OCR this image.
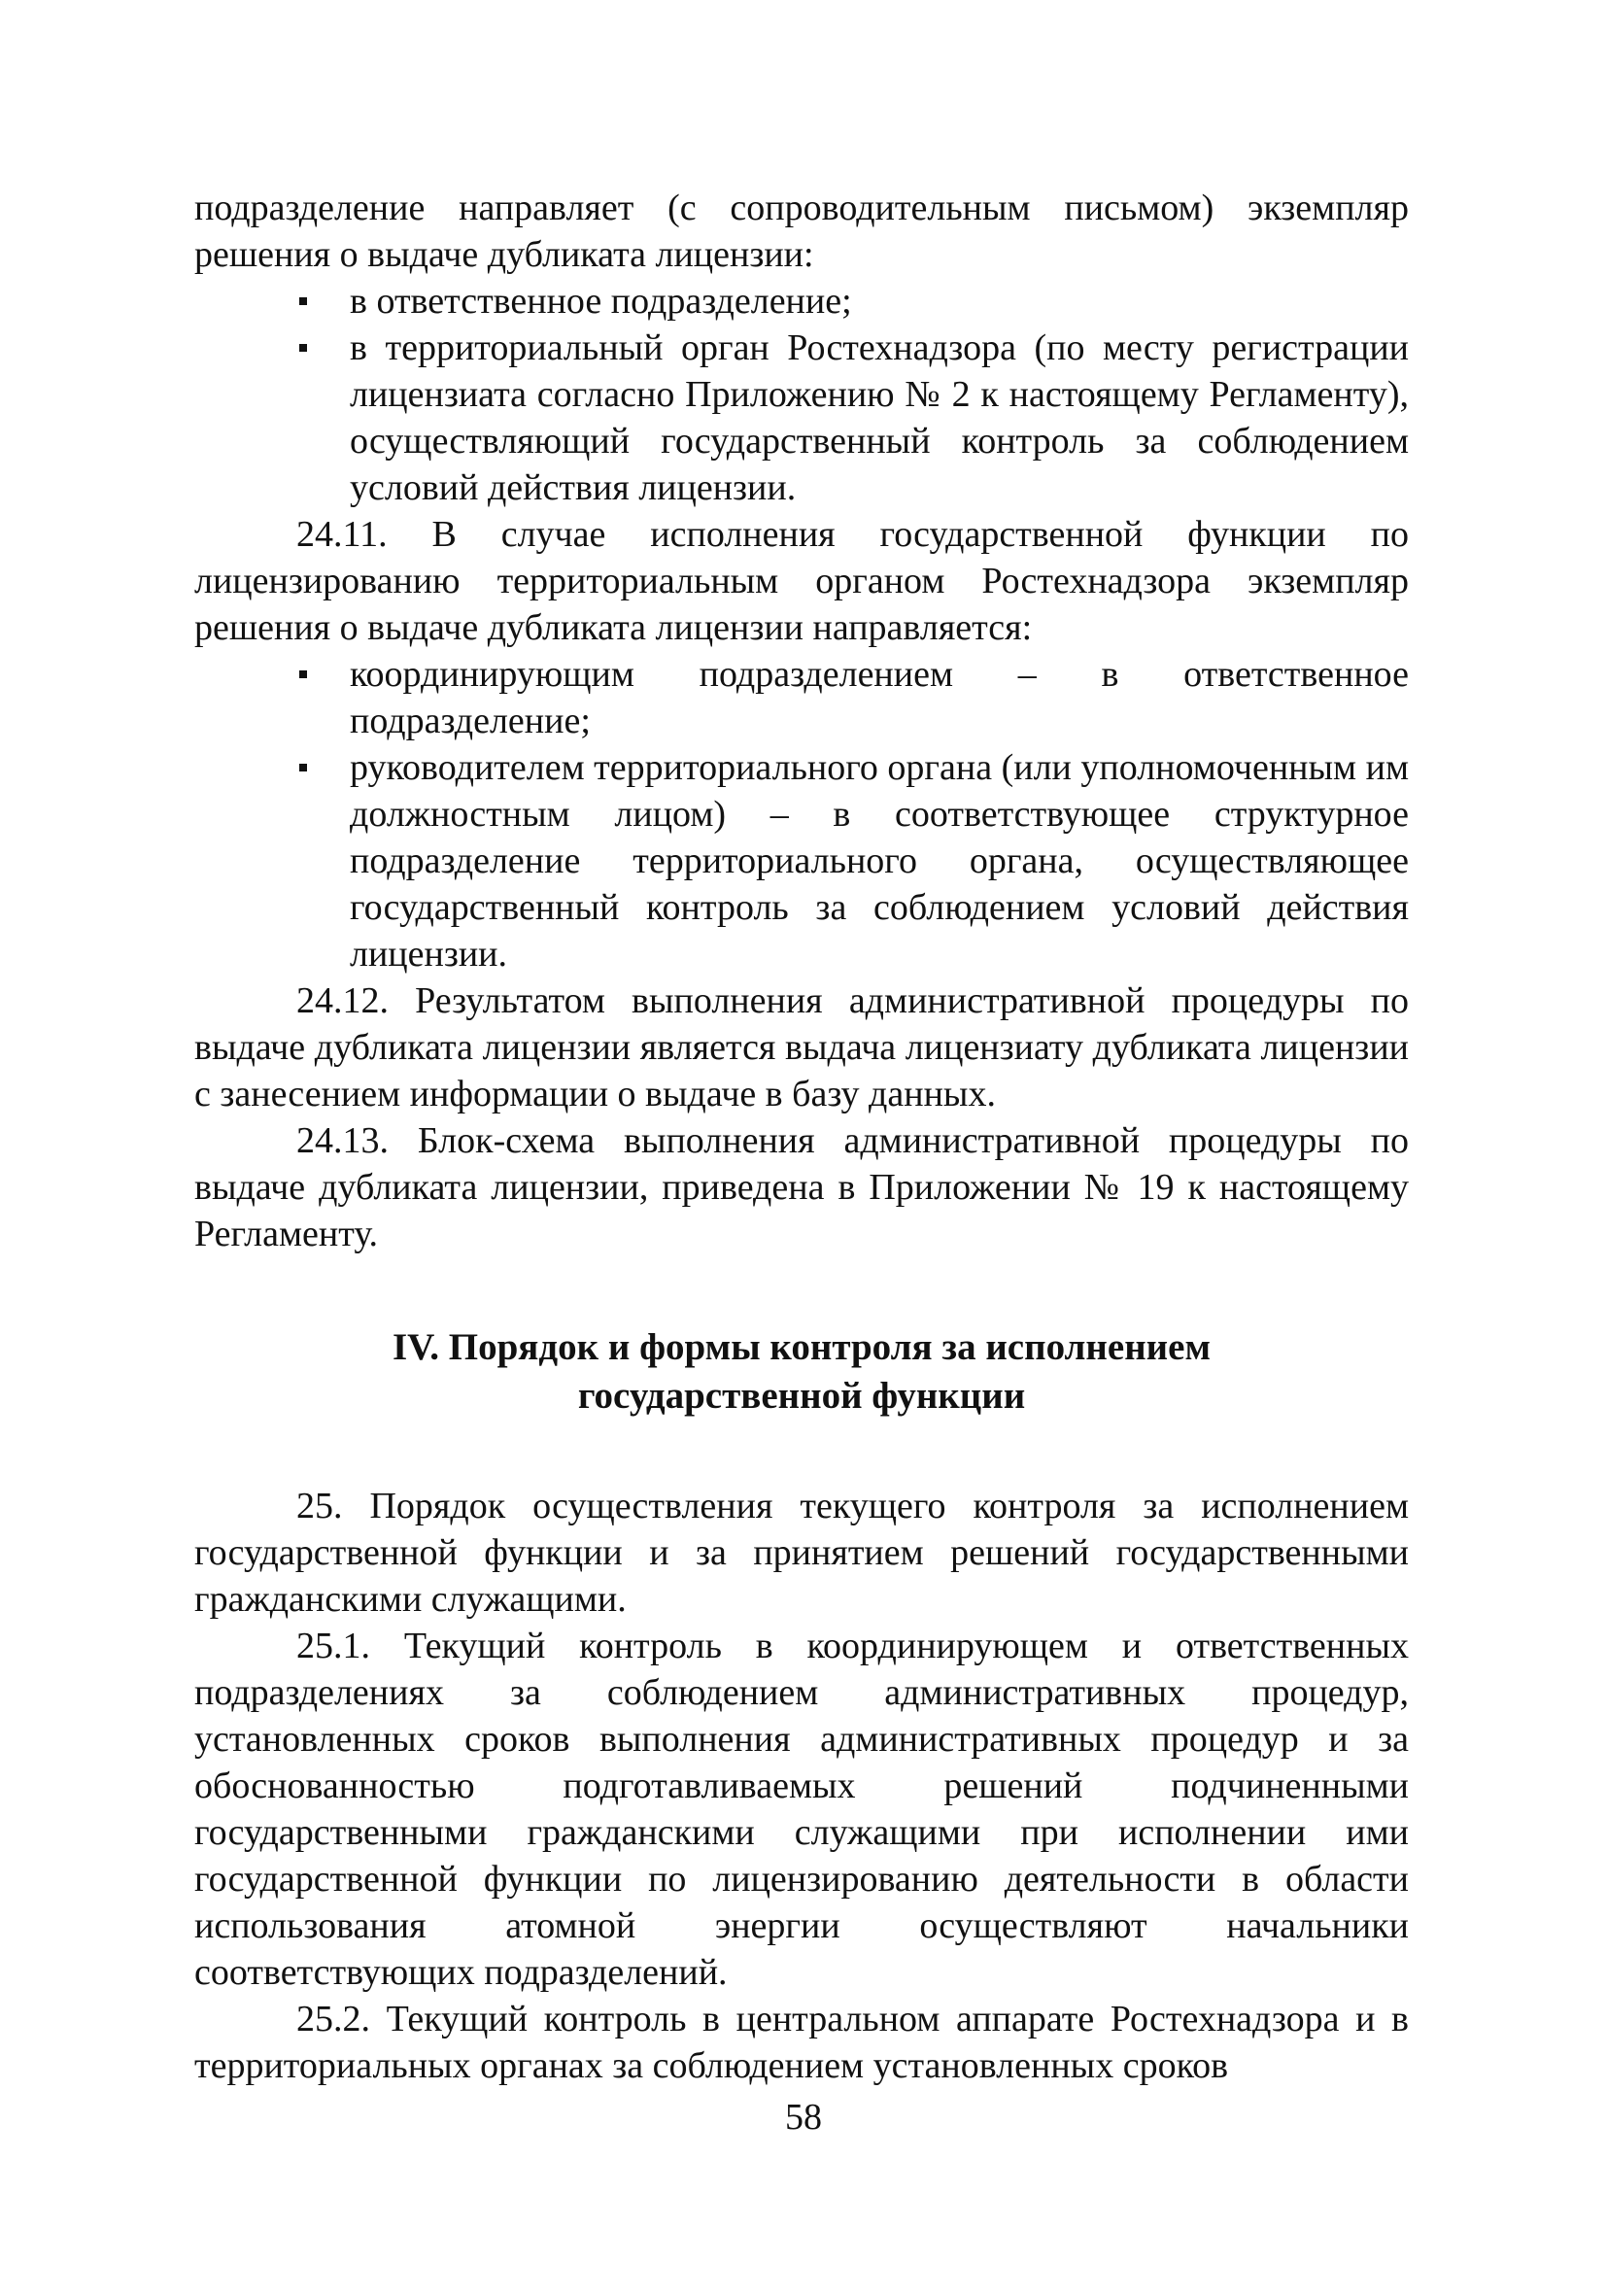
подразделение направляет (с сопроводительным письмом) экземпляр решения о выдаче дубликата лицензии:

в ответственное подразделение;
в территориальный орган Ростехнадзора (по месту регистрации лицензиата согласно Приложению № 2 к настоящему Регламенту), осуществляющий государственный контроль за соблюдением условий действия лицензии.

24.11. В случае исполнения государственной функции по лицензированию территориальным органом Ростехнадзора экземпляр решения о выдаче дубликата лицензии направляется:

координирующим подразделением – в ответственное подразделение;
руководителем территориального органа (или уполномоченным им должностным лицом) – в соответствующее структурное подразделение территориального органа, осуществляющее государственный контроль за соблюдением условий действия лицензии.

24.12. Результатом выполнения административной процедуры по выдаче дубликата лицензии является выдача лицензиату дубликата лицензии с занесением информации о выдаче в базу данных.

24.13. Блок-схема выполнения административной процедуры по выдаче дубликата лицензии, приведена в Приложении № 19 к настоящему Регламенту.

IV. Порядок и формы контроля за исполнением
государственной функции

25. Порядок осуществления текущего контроля за исполнением государственной функции и за принятием решений государственными гражданскими служащими.

25.1. Текущий контроль в координирующем и ответственных подразделениях за соблюдением административных процедур, установленных сроков выполнения административных процедур и за обоснованностью подготавливаемых решений подчиненными государственными гражданскими служащими при исполнении ими государственной функции по лицензированию деятельности в области использования атомной энергии осуществляют начальники соответствующих подразделений.

25.2. Текущий контроль в центральном аппарате Ростехнадзора и в территориальных органах за соблюдением установленных сроков

58
